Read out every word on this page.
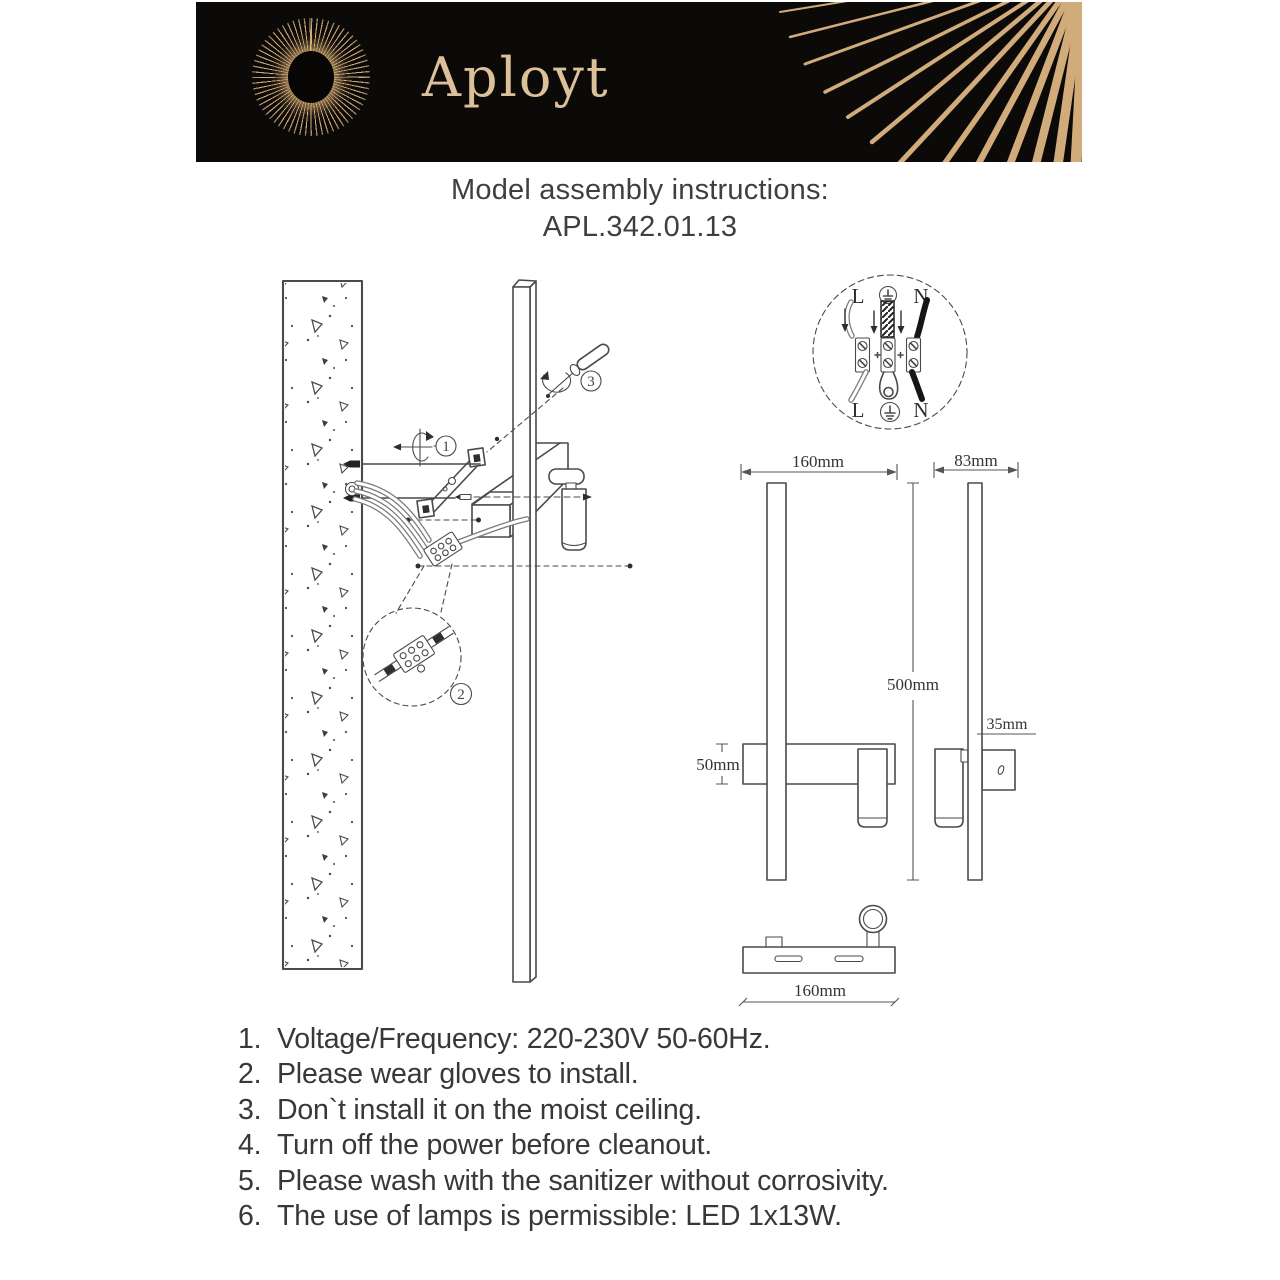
Aployt
Model assembly instructions:
APL.342.01.13
1
3
2
L N
L N
160mm
50mm
500mm
83mm
35mm
160mm
1. Voltage/Frequency: 220-230V 50-60Hz.
2. Please wear gloves to install.
3. Don`t install it on the moist ceiling.
4. Turn off the power before cleanout.
5. Please wash with the sanitizer without corrosivity.
6. The use of lamps is permissible: LED 1x13W.
